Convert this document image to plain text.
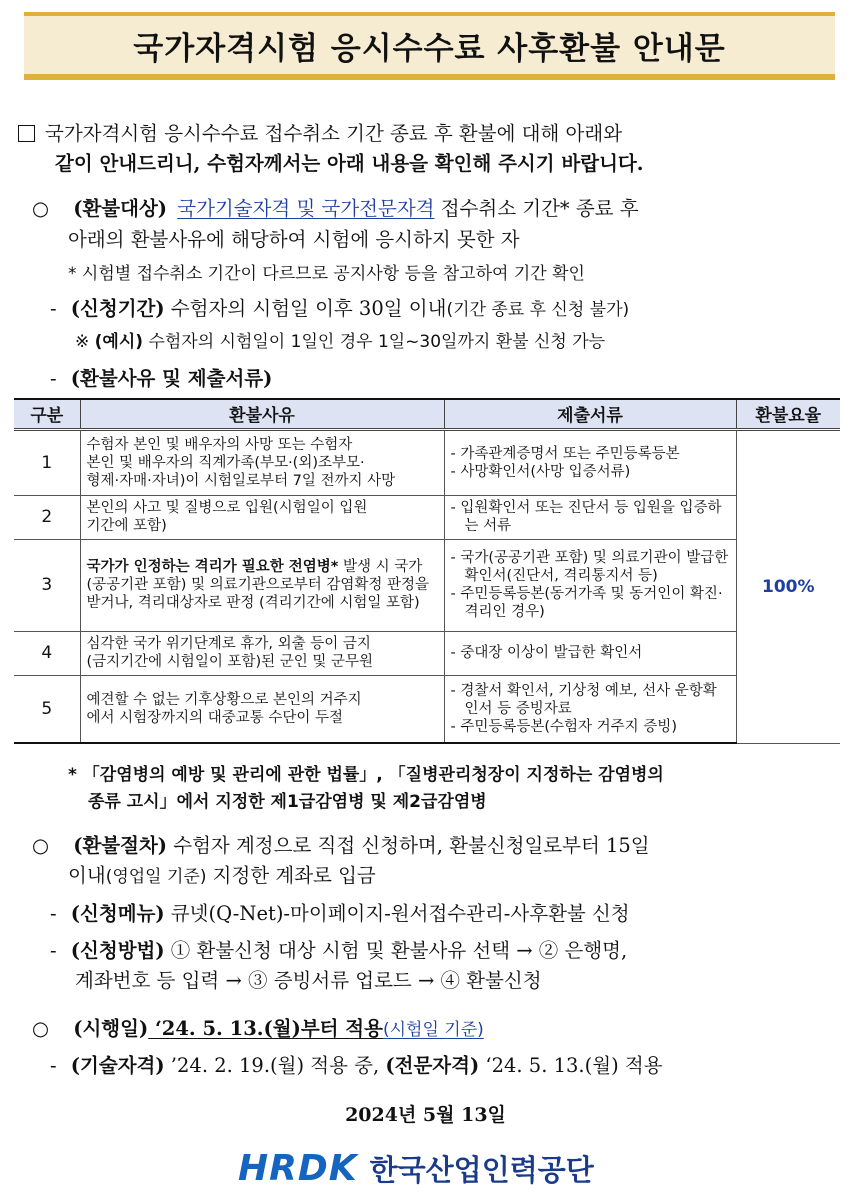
국가자격시험 응시수수료 사후환불 안내문
국가자격시험 응시수수료 접수취소 기간 종료 후 환불에 대해 아래와
같이 안내드리니, 수험자께서는 아래 내용을 확인해 주시기 바랍니다.
○ (환불대상) 국가기술자격 및 국가전문자격 접수취소 기간* 종료 후
아래의 환불사유에 해당하여 시험에 응시하지 못한 자
* 시험별 접수취소 기간이 다르므로 공지사항 등을 참고하여 기간 확인
- (신청기간) 수험자의 시험일 이후 30일 이내(기간 종료 후 신청 불가)
※ (예시) 수험자의 시험일이 1일인 경우 1일~30일까지 환불 신청 가능
- (환불사유 및 제출서류)
구분	환불사유	제출서류	환불요율
1	수험자 본인 및 배우자의 사망 또는 수험자
본인 및 배우자의 직계가족(부모·(외)조부모·
형제·자매·자녀)이 시험일로부터 7일 전까지 사망	- 가족관계증명서 또는 주민등록등본
- 사망확인서(사망 입증서류)	100%
2	본인의 사고 및 질병으로 입원(시험일이 입원
기간에 포함)	- 입원확인서 또는 진단서 등 입원을 입증하는 서류	

3	국가가 인정하는 격리가 필요한 전염병* 발생 시 국가(공공기관 포함) 및 의료기관으로부터 감염확정 판정을 받거나, 격리대상자로 판정 (격리기간에 시험일 포함)	- 국가(공공기관 포함) 및 의료기관이 발급한 확인서(진단서, 격리통지서 등)
- 주민등록등본(동거가족 및 동거인이 확진·격리인 경우)	

4	심각한 국가 위기단계로 휴가, 외출 등이 금지
(금지기간에 시험일이 포함)된 군인 및 군무원	- 중대장 이상이 발급한 확인서	

5	예견할 수 없는 기후상황으로 본인의 거주지
에서 시험장까지의 대중교통 수단이 두절	- 경찰서 확인서, 기상청 예보, 선사 운항확인서 등 증빙자료
- 주민등록등본(수험자 거주지 증빙)	
* 「감염병의 예방 및 관리에 관한 법률」, 「질병관리청장이 지정하는 감염병의
종류 고시」에서 지정한 제1급감염병 및 제2급감염병
○ (환불절차) 수험자 계정으로 직접 신청하며, 환불신청일로부터 15일
이내(영업일 기준) 지정한 계좌로 입금
- (신청메뉴) 큐넷(Q-Net)-마이페이지-원서접수관리-사후환불 신청
- (신청방법) ① 환불신청 대상 시험 및 환불사유 선택 → ② 은행명,
계좌번호 등 입력 → ③ 증빙서류 업로드 → ④ 환불신청
○ (시행일) ‘24. 5. 13.(월)부터 적용(시험일 기준)
- (기술자격) ’24. 2. 19.(월) 적용 중, (전문자격) ‘24. 5. 13.(월) 적용
2024년 5월 13일
HRDK 한국산업인력공단
